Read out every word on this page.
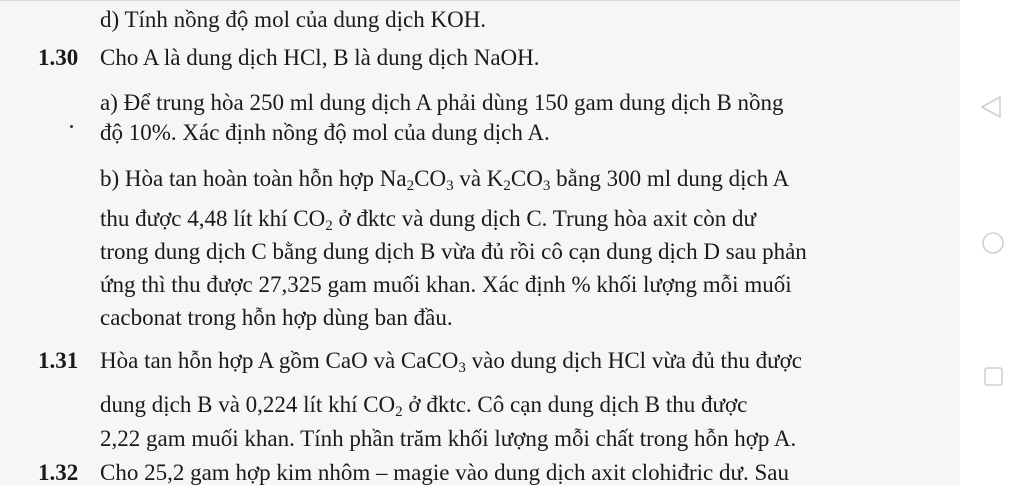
d) Tính nồng độ mol của dung dịch KOH.
1.30 Cho A là dung dịch HCl, B là dung dịch NaOH.
a) Để trung hòa 250 ml dung dịch A phải dùng 150 gam dung dịch B nồng
độ 10%. Xác định nồng độ mol của dung dịch A.
b) Hòa tan hoàn toàn hỗn hợp $Na_2CO_3$ và $K_2CO_3$ bằng 300 ml dung dịch A
thu được 4,48 lít khí $CO_2$ ở đktc và dung dịch C. Trung hòa axit còn dư
trong dung dịch C bằng dung dịch B vừa đủ rồi cô cạn dung dịch D sau phản
ứng thì thu được 27,325 gam muối khan. Xác định % khối lượng mỗi muối
cacbonat trong hỗn hợp dùng ban đầu.
1.31 Hòa tan hỗn hợp A gồm CaO và CaCO$_3$ vào dung dịch HCl vừa đủ thu được
dung dịch B và 0,224 lít khí $CO_2$ ở đktc. Cô cạn dung dịch B thu được
2,22 gam muối khan. Tính phần trăm khối lượng mỗi chất trong hỗn hợp A.
1.32 Cho 25,2 gam hợp kim nhôm – magie vào dung dịch axit clohiđric dư. Sau
